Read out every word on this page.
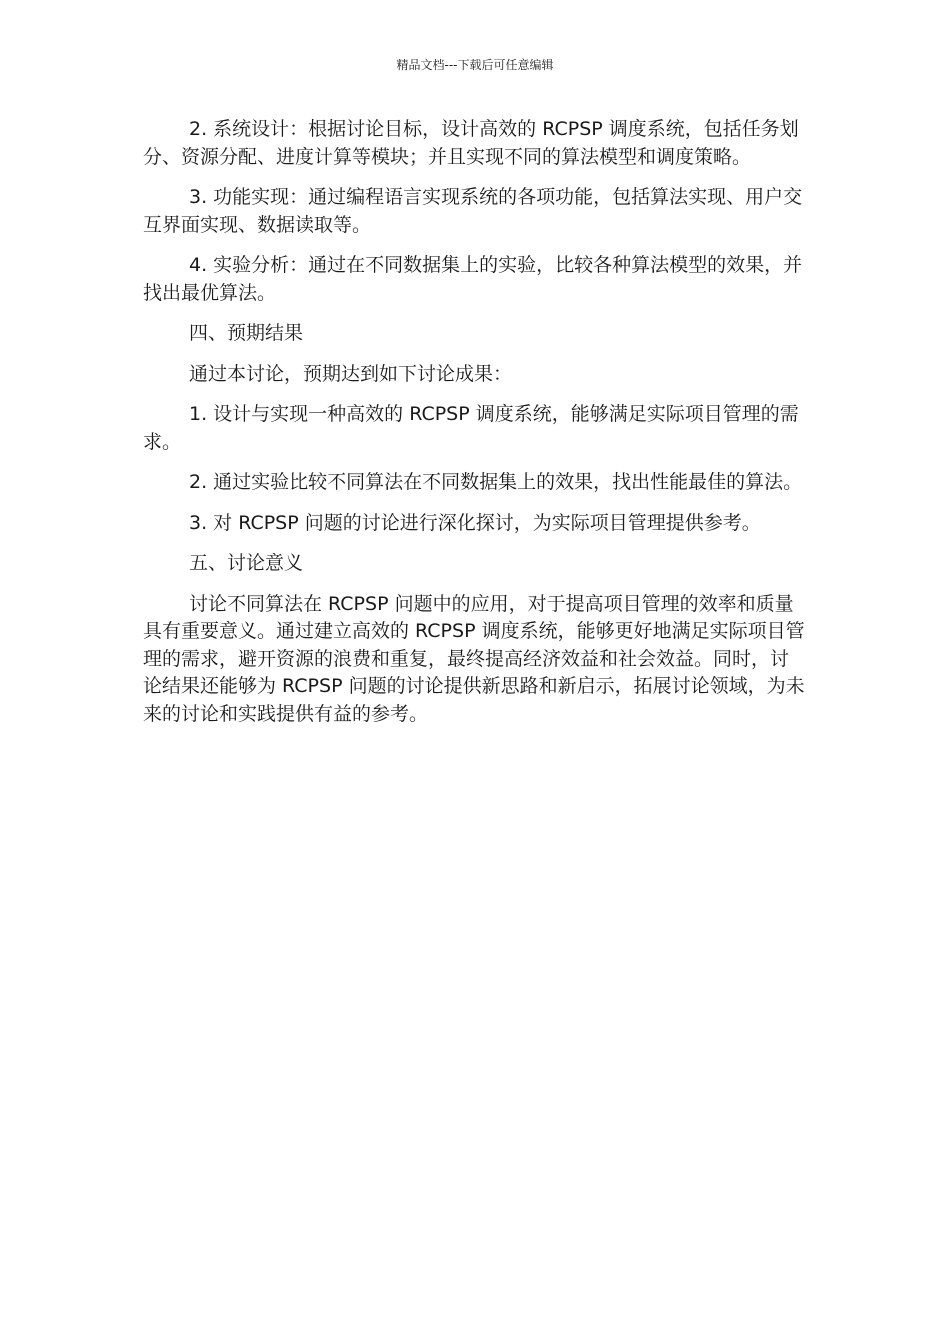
精品文档---下载后可任意编辑

2. 系统设计：根据讨论目标，设计高效的 RCPSP 调度系统，包括任务划分、资源分配、进度计算等模块；并且实现不同的算法模型和调度策略。

3. 功能实现：通过编程语言实现系统的各项功能，包括算法实现、用户交互界面实现、数据读取等。

4. 实验分析：通过在不同数据集上的实验，比较各种算法模型的效果，并找出最优算法。

四、预期结果

通过本讨论，预期达到如下讨论成果：

1. 设计与实现一种高效的 RCPSP 调度系统，能够满足实际项目管理的需求。

2. 通过实验比较不同算法在不同数据集上的效果，找出性能最佳的算法。

3. 对 RCPSP 问题的讨论进行深化探讨，为实际项目管理提供参考。

五、讨论意义

讨论不同算法在 RCPSP 问题中的应用，对于提高项目管理的效率和质量具有重要意义。通过建立高效的 RCPSP 调度系统，能够更好地满足实际项目管理的需求，避开资源的浪费和重复，最终提高经济效益和社会效益。同时，讨论结果还能够为 RCPSP 问题的讨论提供新思路和新启示，拓展讨论领域，为未来的讨论和实践提供有益的参考。
